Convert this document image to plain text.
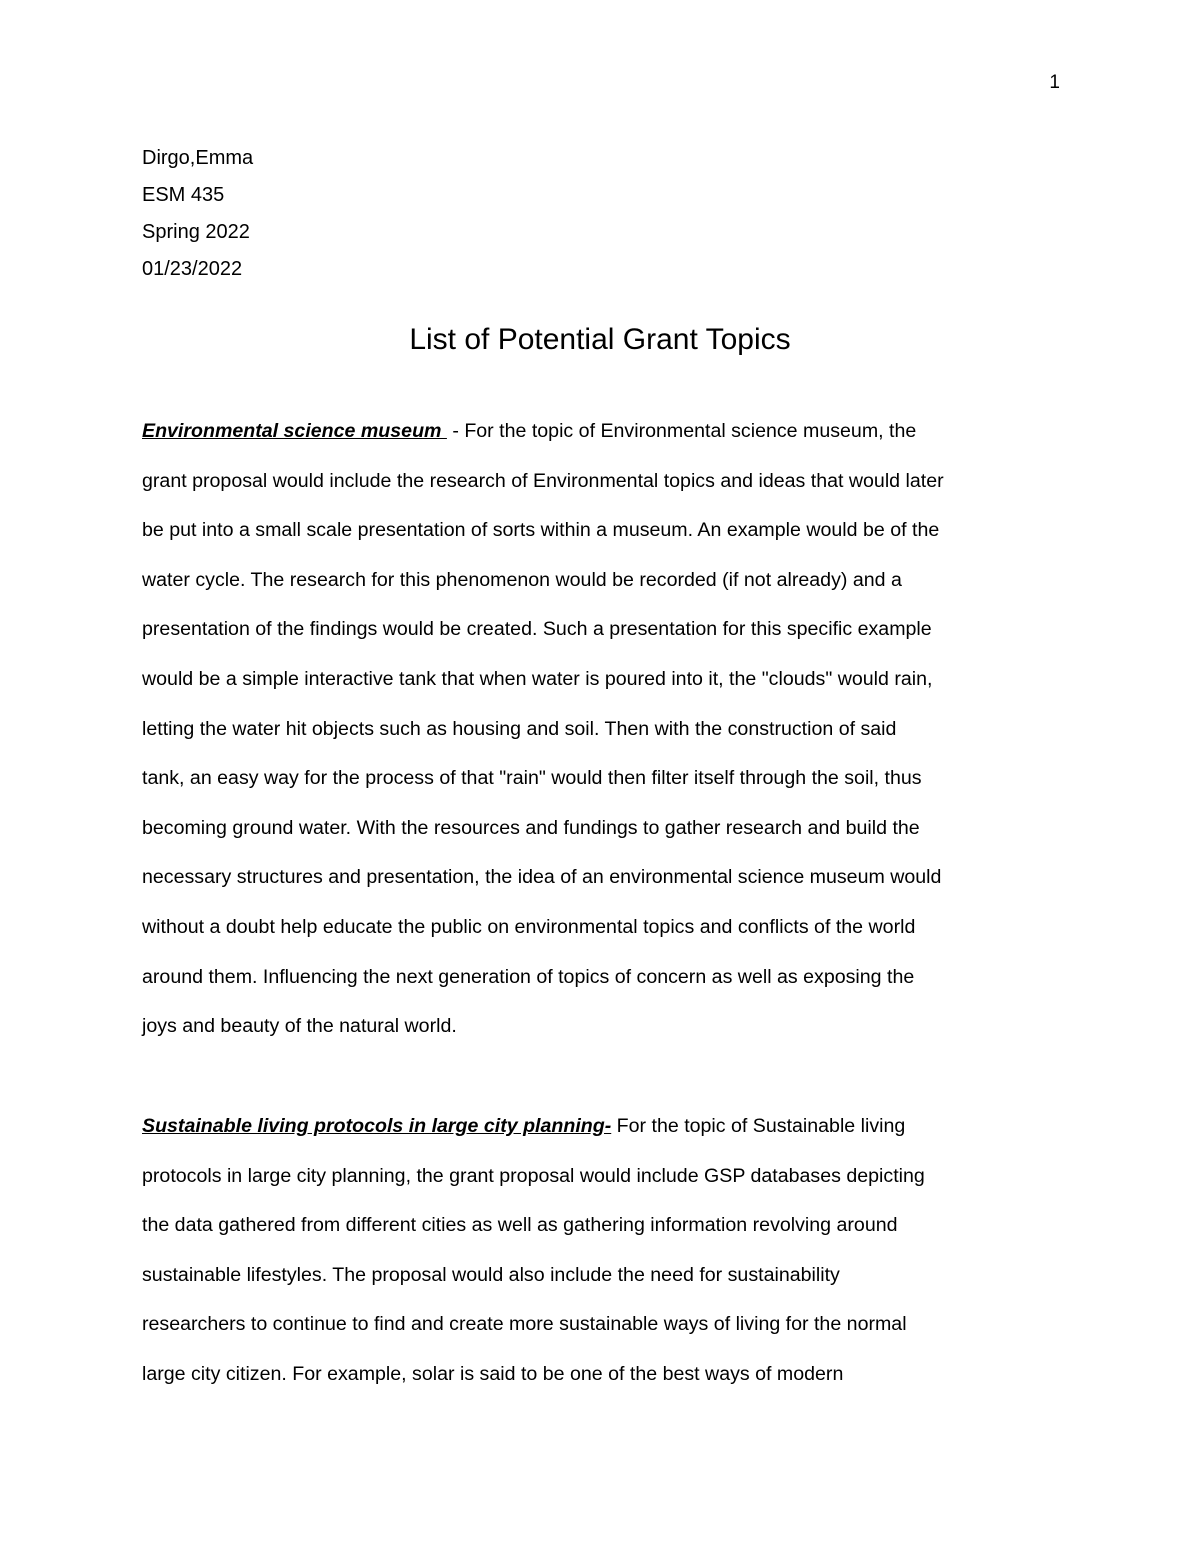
1
Dirgo,Emma
ESM 435
Spring 2022
01/23/2022
List of Potential Grant Topics
Environmental science museum  - For the topic of Environmental science museum, the
grant proposal would include the research of Environmental topics and ideas that would later
be put into a small scale presentation of sorts within a museum. An example would be of the
water cycle. The research for this phenomenon would be recorded (if not already) and a
presentation of the findings would be created. Such a presentation for this specific example
would be a simple interactive tank that when water is poured into it, the "clouds" would rain,
letting the water hit objects such as housing and soil. Then with the construction of said
tank, an easy way for the process of that "rain" would then filter itself through the soil, thus
becoming ground water. With the resources and fundings to gather research and build the
necessary structures and presentation, the idea of an environmental science museum would
without a doubt help educate the public on environmental topics and conflicts of the world
around them. Influencing the next generation of topics of concern as well as exposing the
joys and beauty of the natural world.
Sustainable living protocols in large city planning- For the topic of Sustainable living
protocols in large city planning, the grant proposal would include GSP databases depicting
the data gathered from different cities as well as gathering information revolving around
sustainable lifestyles. The proposal would also include the need for sustainability
researchers to continue to find and create more sustainable ways of living for the normal
large city citizen. For example, solar is said to be one of the best ways of modern
